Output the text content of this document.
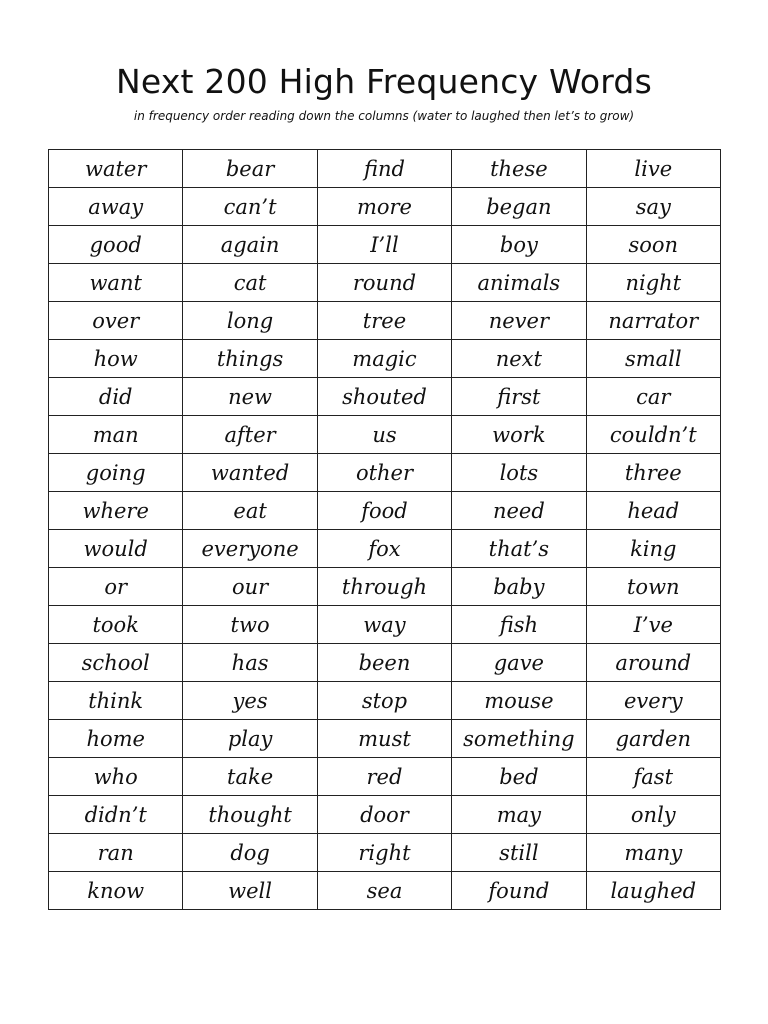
Next 200 High Frequency Words

in frequency order reading down the columns (water to laughed then let’s to grow)

water	bear	find	these	live
away	can’t	more	began	say
good	again	I’ll	boy	soon
want	cat	round	animals	night
over	long	tree	never	narrator
how	things	magic	next	small
did	new	shouted	first	car
man	after	us	work	couldn’t
going	wanted	other	lots	three
where	eat	food	need	head
would	everyone	fox	that’s	king
or	our	through	baby	town
took	two	way	fish	I’ve
school	has	been	gave	around
think	yes	stop	mouse	every
home	play	must	something	garden
who	take	red	bed	fast
didn’t	thought	door	may	only
ran	dog	right	still	many
know	well	sea	found	laughed
